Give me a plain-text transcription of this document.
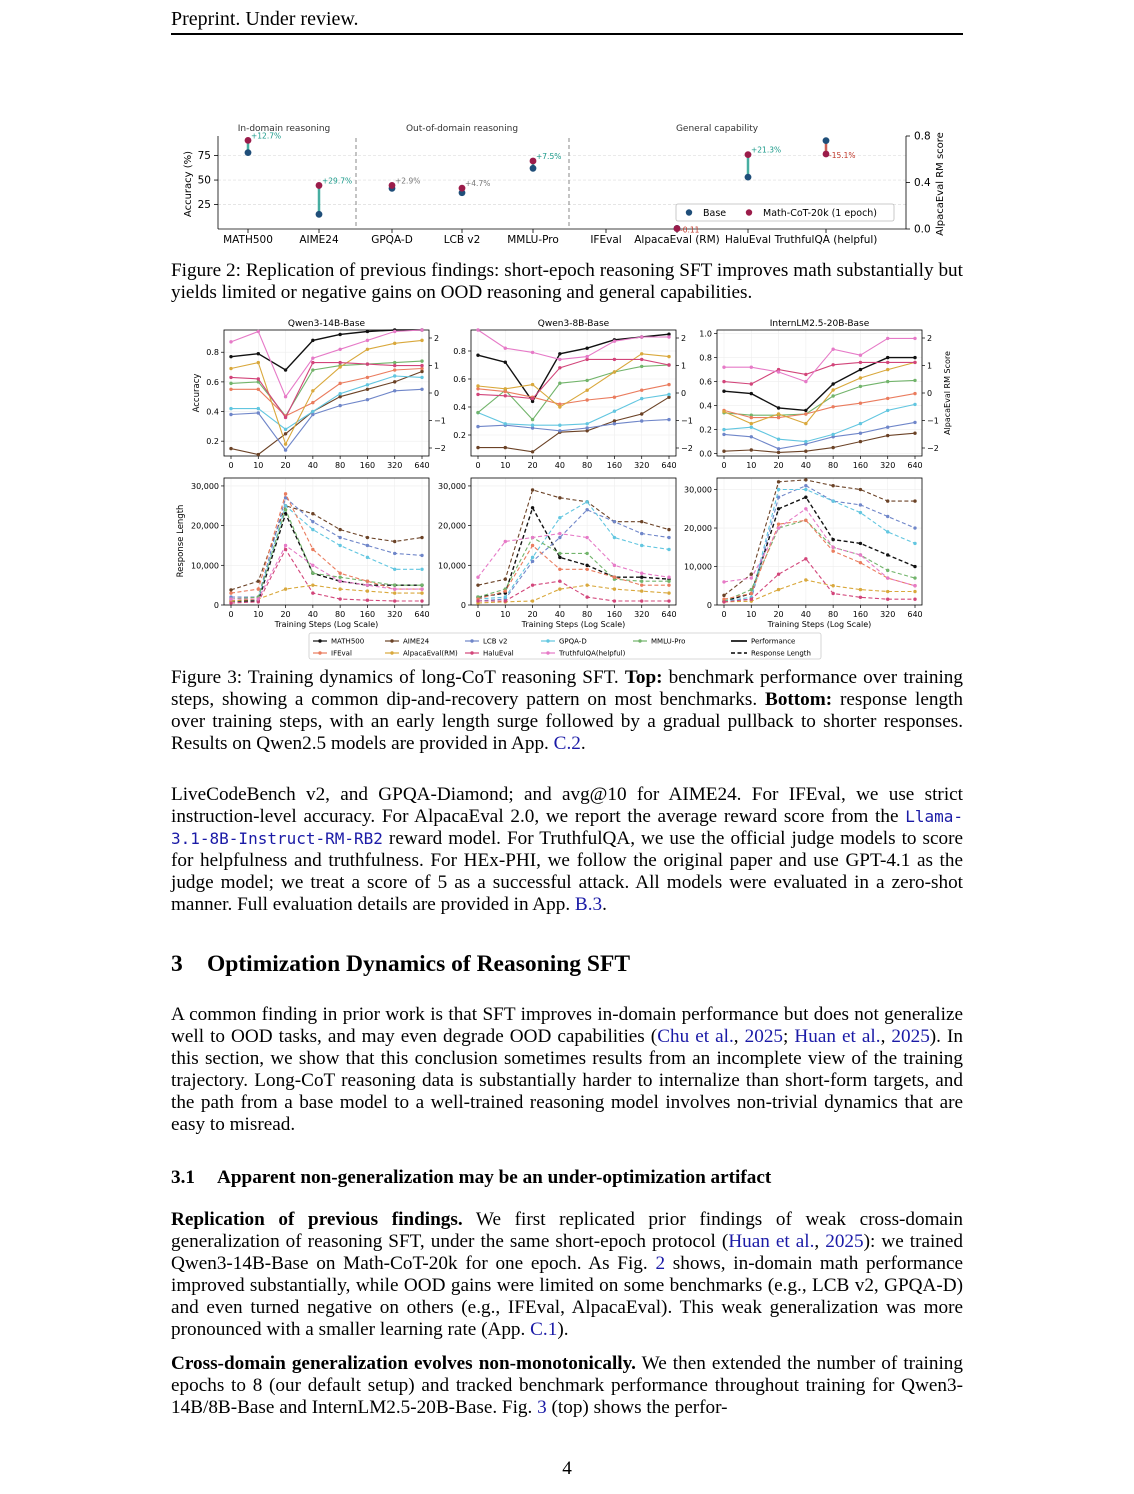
Preprint. Under review.
In-domain reasoning	Out-of-domain reasoning	General capability
25
50
75
0.0
0.4
0.8
MATH500	AIME24	GPQA-D	LCB v2	MMLU-Pro	IFEval AlpacaEval (RM) HaluEval TruthfulQA (helpful)
+12.7%
+29.7%	+2.9%	+4.7%
+7.5%
-0.11
+21.3%
-15.1%
Accuracy (%)	AlpacaEval RM score
Base	Math-CoT-20k (1 epoch)
Figure 2: Replication of previous findings: short-epoch reasoning SFT improves math substantially but yields limited or negative gains on OOD reasoning and general capabilities.
0.2
0.4
0.6
0.8
Qwen3-14B-Base
−2
−1
0
1
2
0 10 20 40 80 160 320 640
0.2
0.4
0.6
0.8
Qwen3-8B-Base
−2
−1
0
1
2
0 10 20 40 80 160 320 640
0.0
0.2
0.4
0.6
0.8
1.0
InternLM2.5-20B-Base
−2
−1
0
1
2
0 10 20 40 80 160 320 640
0
10,000
20,000
30,000
Training Steps (Log Scale)
0 10 20 40 80 160 320 640
0
10,000
20,000
30,000
Training Steps (Log Scale)
0 10 20 40 80 160 320 640
0
10,000
20,000
30,000
Training Steps (Log Scale)
0 10 20 40 80 160 320 640
Accuracy	AlpacaEval RM Score
Response Length
MATH500	AIME24	LCB v2	GPQA-D	MMLU-Pro
IFEval	AlpacaEval(RM)	HaluEval	TruthfulQA(helpful)
Performance
Response Length
Figure 3: Training dynamics of long-CoT reasoning SFT. Top: benchmark performance over training steps, showing a common dip-and-recovery pattern on most benchmarks. Bottom: response length over training steps, with an early length surge followed by a gradual pullback to shorter responses. Results on Qwen2.5 models are provided in App. C.2.
LiveCodeBench v2, and GPQA-Diamond; and avg@10 for AIME24. For IFEval, we use strict instruction-level accuracy. For AlpacaEval 2.0, we report the average reward score from the Llama-3.1-8B-Instruct-RM-RB2 reward model. For TruthfulQA, we use the official judge models to score for helpfulness and truthfulness. For HEx-PHI, we follow the original paper and use GPT-4.1 as the judge model; we treat a score of 5 as a successful attack. All models were evaluated in a zero-shot manner. Full evaluation details are provided in App. B.3.
3 Optimization Dynamics of Reasoning SFT
A common finding in prior work is that SFT improves in-domain performance but does not generalize well to OOD tasks, and may even degrade OOD capabilities (Chu et al., 2025; Huan et al., 2025). In this section, we show that this conclusion sometimes results from an incomplete view of the training trajectory. Long-CoT reasoning data is substantially harder to internalize than short-form targets, and the path from a base model to a well-trained reasoning model involves non-trivial dynamics that are easy to misread.
3.1 Apparent non-generalization may be an under-optimization artifact
Replication of previous findings. We first replicated prior findings of weak cross-domain generalization of reasoning SFT, under the same short-epoch protocol (Huan et al., 2025): we trained Qwen3-14B-Base on Math-CoT-20k for one epoch. As Fig. 2 shows, in-domain math performance improved substantially, while OOD gains were limited on some benchmarks (e.g., LCB v2, GPQA-D) and even turned negative on others (e.g., IFEval, AlpacaEval). This weak generalization was more pronounced with a smaller learning rate (App. C.1).
Cross-domain generalization evolves non-monotonically. We then extended the number of training epochs to 8 (our default setup) and tracked benchmark performance throughout training for Qwen3-14B/8B-Base and InternLM2.5-20B-Base. Fig. 3 (top) shows the perfor-
4
